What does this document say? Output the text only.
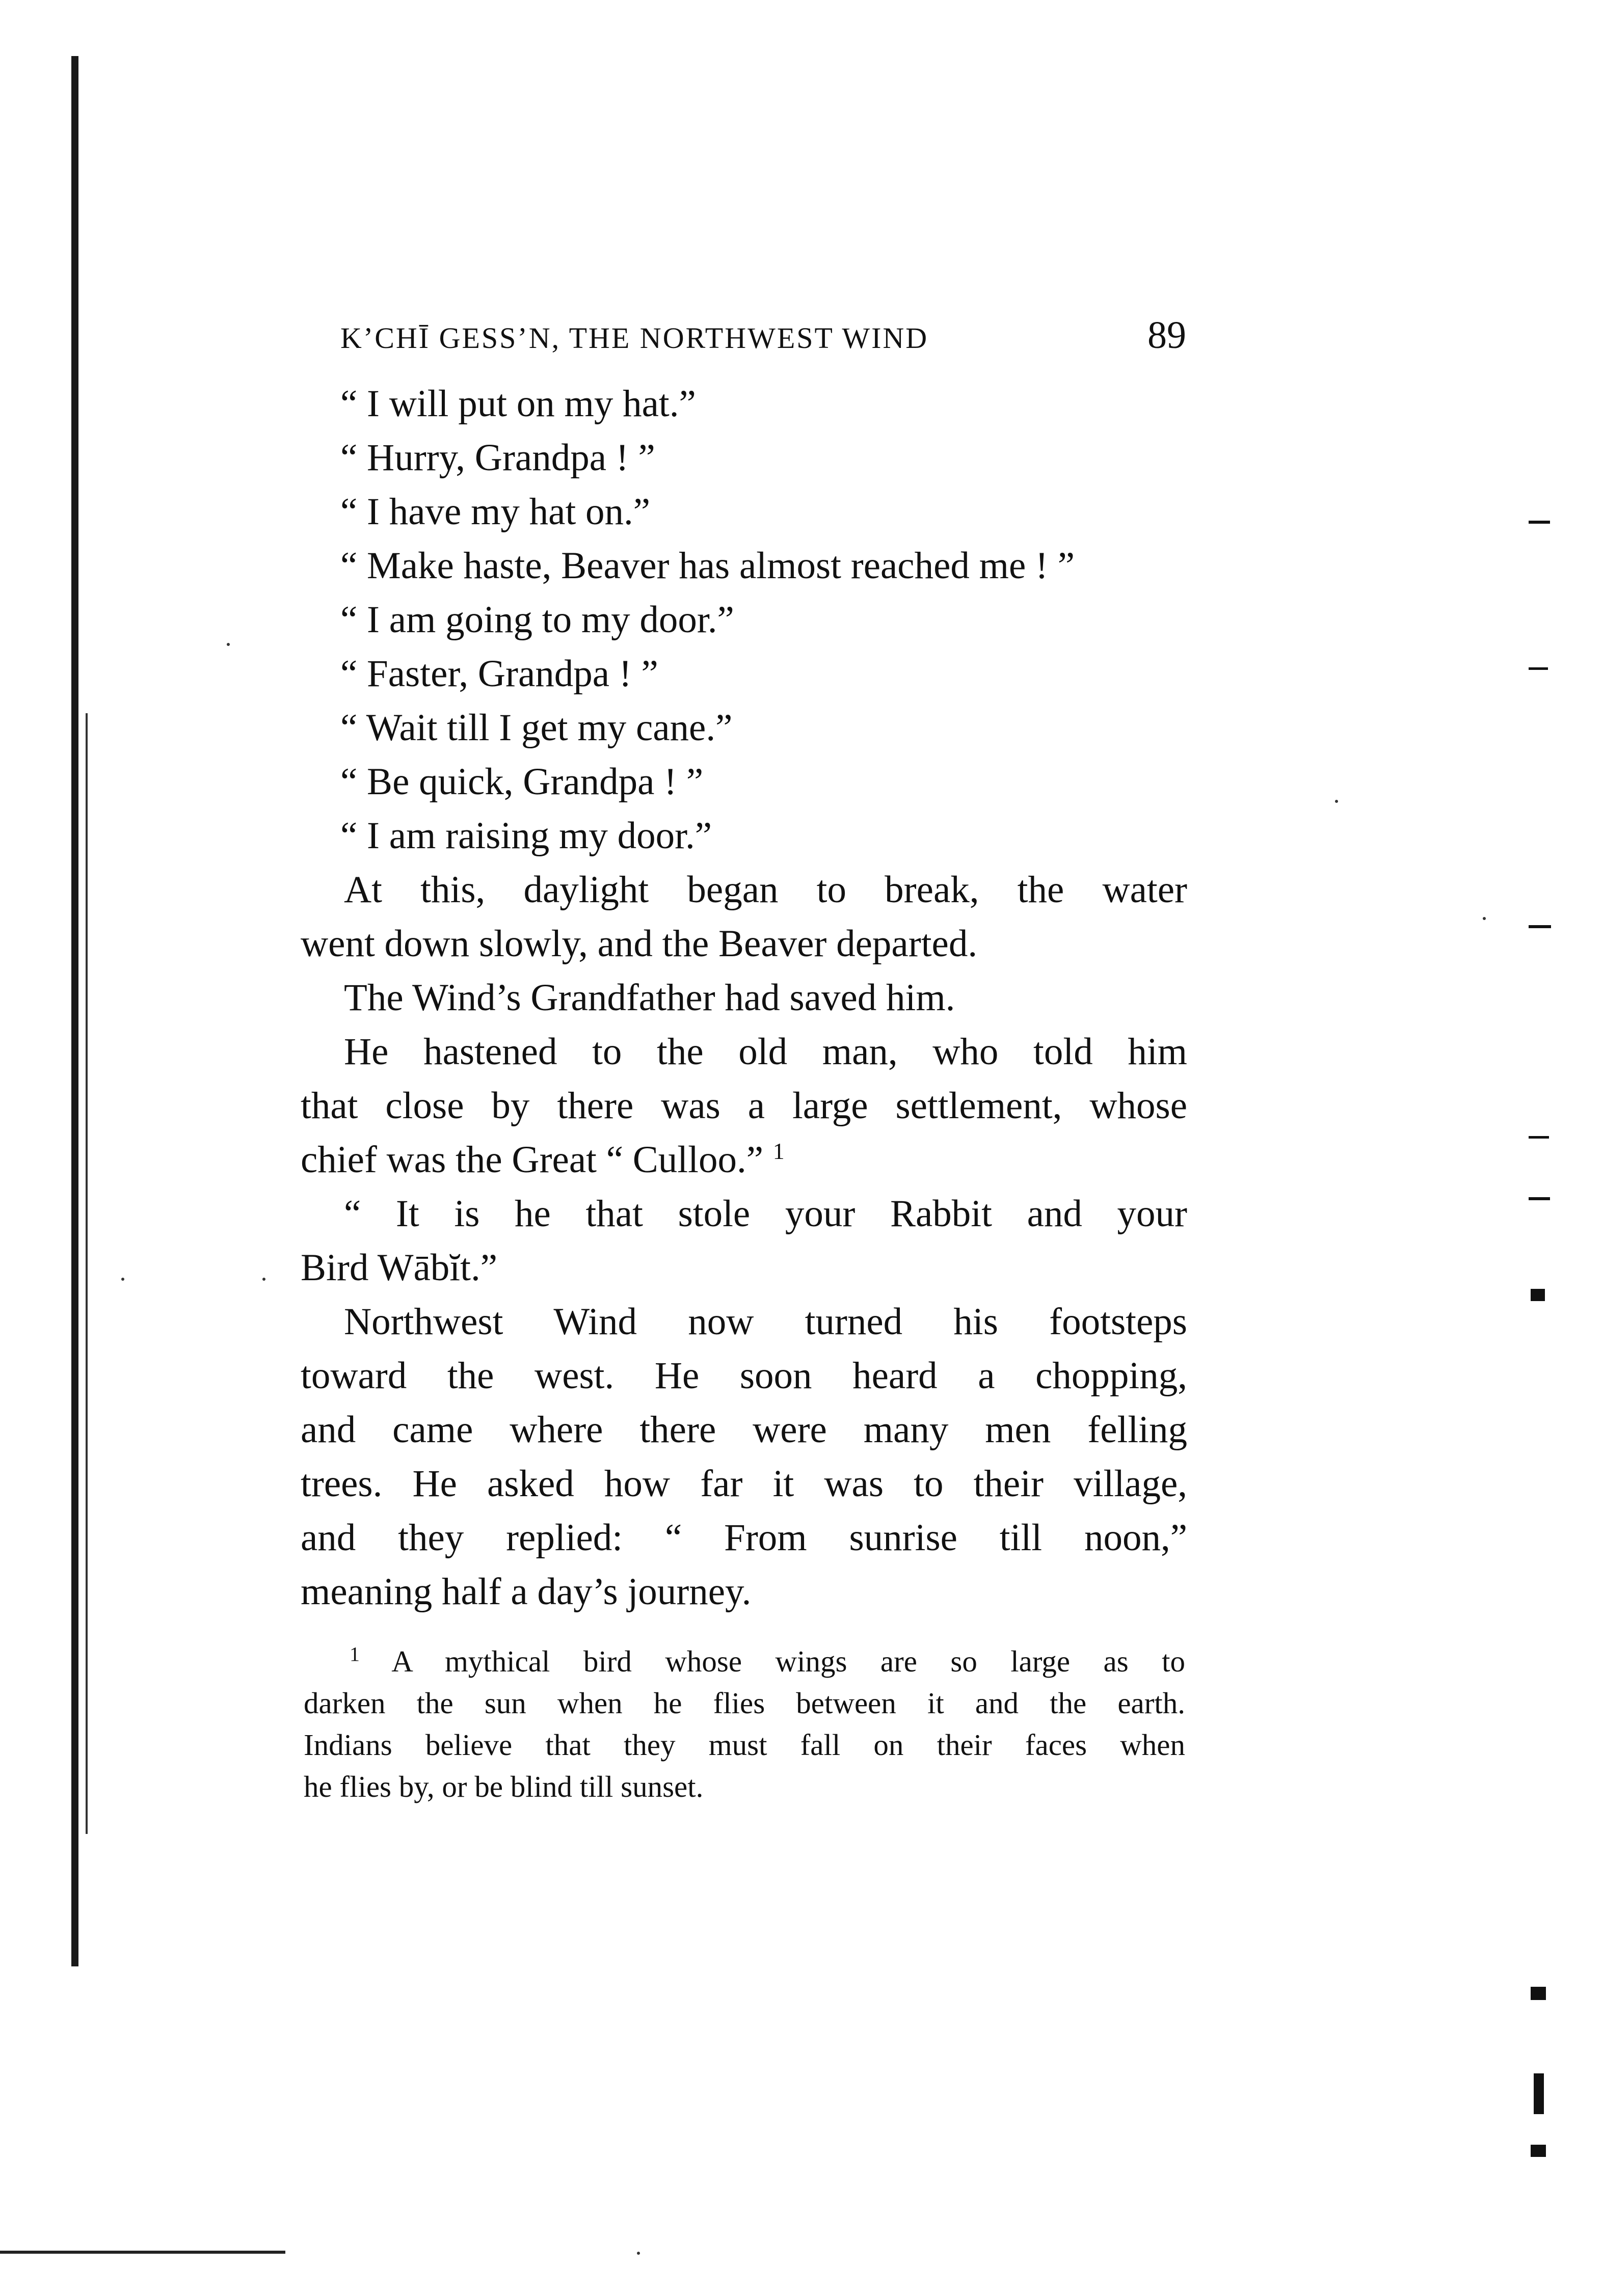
K’CHĪ GESS’N, THE NORTHWEST WIND	89
“ I will put on my hat.”
“ Hurry, Grandpa ! ”
“ I have my hat on.”
“ Make haste, Beaver has almost reached me ! ”
“ I am going to my door.”
“ Faster, Grandpa ! ”
“ Wait till I get my cane.”
“ Be quick, Grandpa ! ”
“ I am raising my door.”
At this, daylight began to break, the water
went down slowly, and the Beaver departed.
The Wind’s Grandfather had saved him.
He hastened to the old man, who told him
that close by there was a large settlement, whose
chief was the Great “ Culloo.” $^1$
“ It is he that stole your Rabbit and your
Bird Wābĭt.”
Northwest Wind now turned his footsteps
toward the west. He soon heard a chopping,
and came where there were many men felling
trees. He asked how far it was to their village,
and they replied: “ From sunrise till noon,”
meaning half a day’s journey.
$^1$ A mythical bird whose wings are so large as to
darken the sun when he flies between it and the earth.
Indians believe that they must fall on their faces when
he flies by, or be blind till sunset.
